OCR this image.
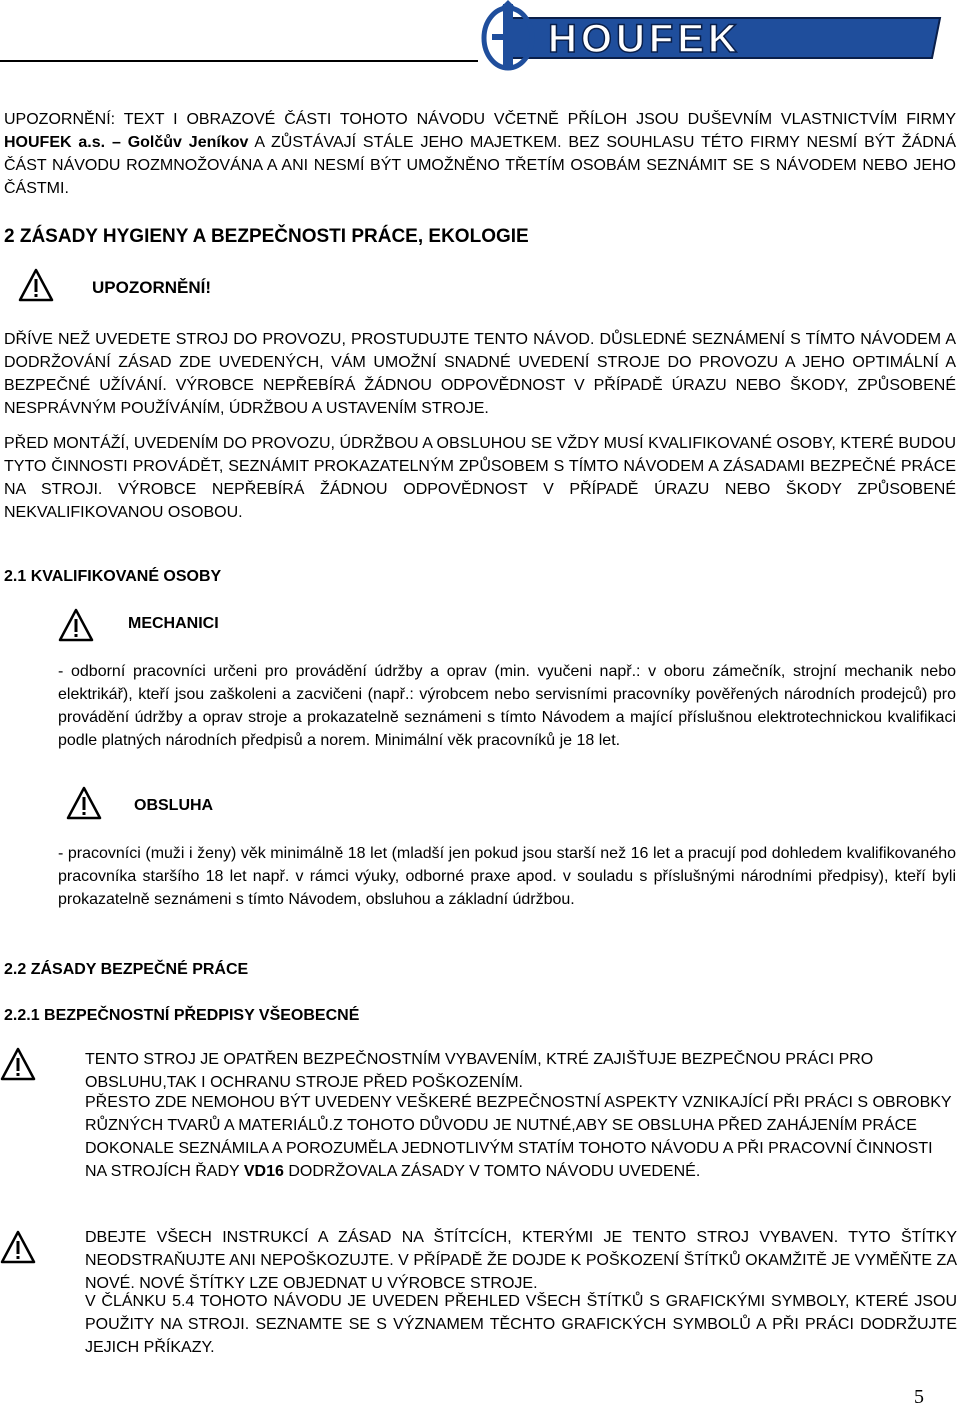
HOUFEK

UPOZORNĚNÍ: TEXT I OBRAZOVÉ ČÁSTI TOHOTO NÁVODU VČETNĚ PŘÍLOH JSOU DUŠEVNÍM VLASTNICTVÍM FIRMY HOUFEK a.s. – Golčův Jeníkov A ZŮSTÁVAJÍ STÁLE JEHO MAJETKEM. BEZ SOUHLASU TÉTO FIRMY NESMÍ BÝT ŽÁDNÁ ČÁST NÁVODU ROZMNOŽOVÁNA A ANI NESMÍ BÝT UMOŽNĚNO TŘETÍM OSOBÁM SEZNÁMIT SE S NÁVODEM NEBO JEHO ČÁSTMI.

2 ZÁSADY HYGIENY A BEZPEČNOSTI PRÁCE, EKOLOGIE
UPOZORNĚNÍ!

DŘÍVE NEŽ UVEDETE STROJ DO PROVOZU, PROSTUDUJTE TENTO NÁVOD. DŮSLEDNÉ SEZNÁMENÍ S TÍMTO NÁVODEM A DODRŽOVÁNÍ ZÁSAD ZDE UVEDENÝCH, VÁM UMOŽNÍ SNADNÉ UVEDENÍ STROJE DO PROVOZU A JEHO OPTIMÁLNÍ A BEZPEČNÉ UŽÍVÁNÍ. VÝROBCE NEPŘEBÍRÁ ŽÁDNOU ODPOVĚDNOST V PŘÍPADĚ ÚRAZU NEBO ŠKODY, ZPŮSOBENÉ NESPRÁVNÝM POUŽÍVÁNÍM, ÚDRŽBOU A USTAVENÍM STROJE.

PŘED MONTÁŽÍ, UVEDENÍM DO PROVOZU, ÚDRŽBOU A OBSLUHOU SE VŽDY MUSÍ KVALIFIKOVANÉ OSOBY, KTERÉ BUDOU TYTO ČINNOSTI PROVÁDĚT, SEZNÁMIT PROKAZATELNÝM ZPŮSOBEM S TÍMTO NÁVODEM A ZÁSADAMI BEZPEČNÉ PRÁCE NA STROJI. VÝROBCE NEPŘEBÍRÁ ŽÁDNOU ODPOVĚDNOST V PŘÍPADĚ ÚRAZU NEBO ŠKODY ZPŮSOBENÉ NEKVALIFIKOVANOU OSOBOU.

2.1 KVALIFIKOVANÉ OSOBY
MECHANICI

- odborní pracovníci určeni pro provádění údržby a oprav (min. vyučeni např.: v oboru zámečník, strojní mechanik nebo elektrikář), kteří jsou zaškoleni a zacvičeni (např.: výrobcem nebo servisními pracovníky pověřených národních prodejců) pro provádění údržby a oprav stroje a prokazatelně seznámeni s tímto Návodem a mající příslušnou elektrotechnickou kvalifikaci podle platných národních předpisů a norem. Minimální věk pracovníků je 18 let.

OBSLUHA

- pracovníci (muži i ženy) věk minimálně 18 let (mladší jen pokud jsou starší než 16 let a pracují pod dohledem kvalifikovaného pracovníka staršího 18 let např. v rámci výuky, odborné praxe apod. v souladu s příslušnými národními předpisy), kteří byli prokazatelně seznámeni s tímto Návodem, obsluhou a základní údržbou.

2.2 ZÁSADY BEZPEČNÉ PRÁCE
2.2.1 BEZPEČNOSTNÍ PŘEDPISY VŠEOBECNÉ

TENTO STROJ JE OPATŘEN BEZPEČNOSTNÍM VYBAVENÍM, KTRÉ ZAJIŠŤUJE BEZPEČNOU PRÁCI PRO OBSLUHU,TAK I OCHRANU STROJE PŘED POŠKOZENÍM.

PŘESTO ZDE NEMOHOU BÝT UVEDENY VEŠKERÉ BEZPEČNOSTNÍ ASPEKTY VZNIKAJÍCÍ PŘI PRÁCI S OBROBKY RŮZNÝCH TVARŮ A MATERIÁLŮ.Z TOHOTO DŮVODU JE NUTNÉ,ABY SE OBSLUHA PŘED ZAHÁJENÍM PRÁCE DOKONALE SEZNÁMILA A POROZUMĚLA JEDNOTLIVÝM STATÍM TOHOTO NÁVODU A PŘI PRACOVNÍ ČINNOSTI NA STROJÍCH ŘADY VD16 DODRŽOVALA ZÁSADY V TOMTO NÁVODU UVEDENÉ.

DBEJTE VŠECH INSTRUKCÍ A ZÁSAD NA ŠTÍTCÍCH, KTERÝMI JE TENTO STROJ VYBAVEN. TYTO ŠTÍTKY NEODSTRAŇUJTE ANI NEPOŠKOZUJTE. V PŘÍPADĚ ŽE DOJDE K POŠKOZENÍ ŠTÍTKŮ OKAMŽITĚ JE VYMĚŇTE ZA NOVÉ. NOVÉ ŠTÍTKY LZE OBJEDNAT U VÝROBCE STROJE.

V ČLÁNKU 5.4 TOHOTO NÁVODU JE UVEDEN PŘEHLED VŠECH ŠTÍTKŮ S GRAFICKÝMI SYMBOLY, KTERÉ JSOU POUŽITY NA STROJI. SEZNAMTE SE S VÝZNAMEM TĚCHTO GRAFICKÝCH SYMBOLŮ A PŘI PRÁCI DODRŽUJTE JEJICH PŘÍKAZY.

5
